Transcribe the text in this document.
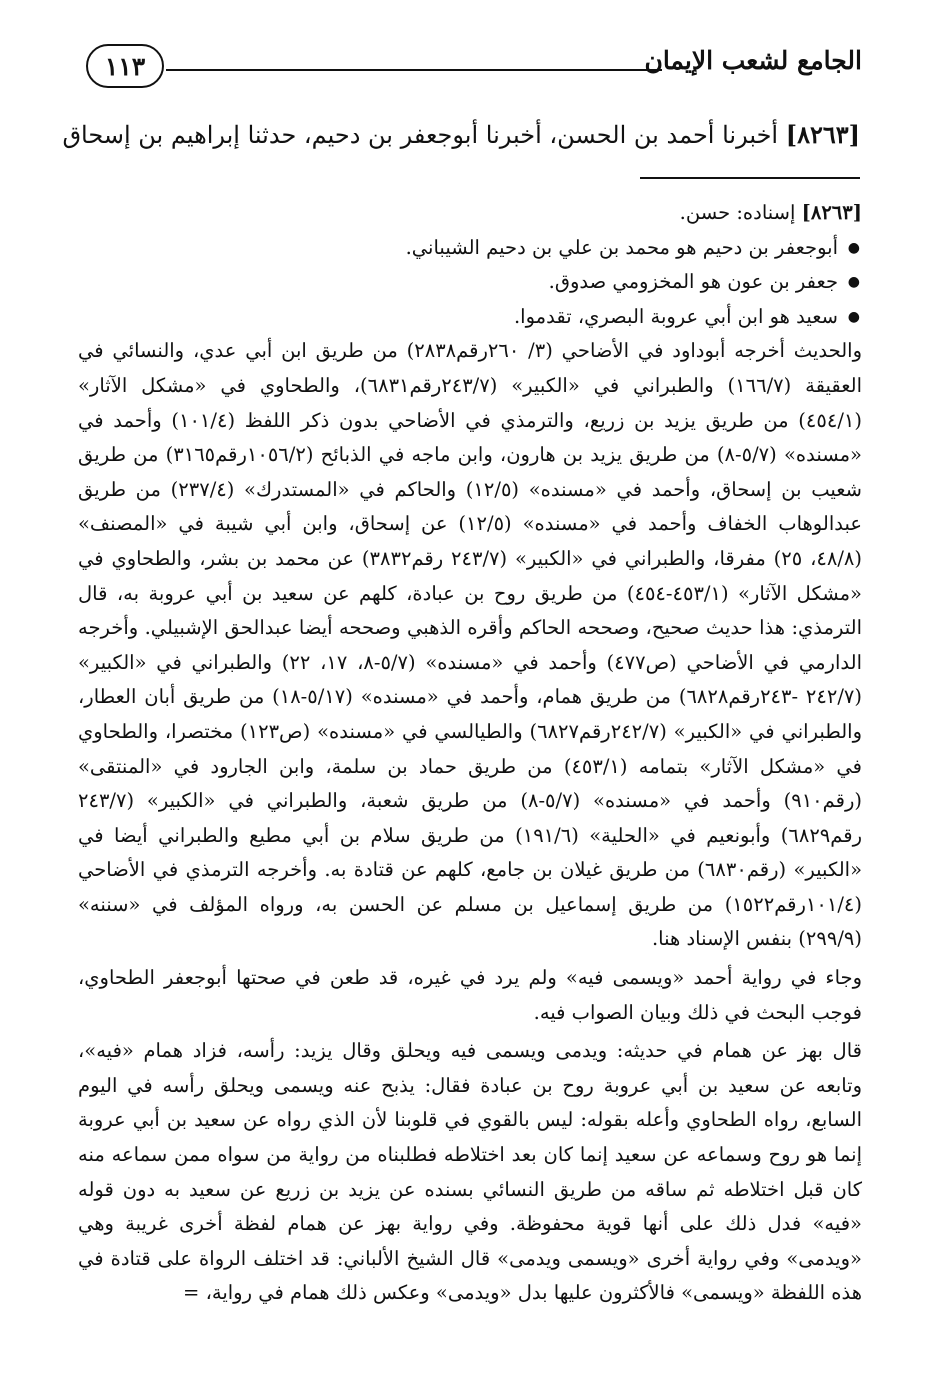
الجامع لشعب الإيمان
١١٣
[٨٢٦٣] أخبرنا أحمد بن الحسن، أخبرنا أبوجعفر بن دحيم، حدثنا إبراهيم بن إسحاق

[٨٢٦٣] إسناده: حسن.

● أبوجعفر بن دحيم هو محمد بن علي بن دحيم الشيباني.
● جعفر بن عون هو المخزومي صدوق.
● سعيد هو ابن أبي عروبة البصري، تقدموا.

والحديث أخرجه أبوداود في الأضاحي (٣/ ٢٦٠رقم٢٨٣٨) من طريق ابن أبي عدي، والنسائي في العقيقة (١٦٦/٧) والطبراني في «الكبير» (٢٤٣/٧رقم٦٨٣١)، والطحاوي في «مشكل الآثار» (٤٥٤/١) من طريق يزيد بن زريع، والترمذي في الأضاحي بدون ذكر اللفظ (١٠١/٤) وأحمد في «مسنده» (٥/٧-٨) من طريق يزيد بن هارون، وابن ماجه في الذبائح (١٠٥٦/٢رقم٣١٦٥) من طريق شعيب بن إسحاق، وأحمد في «مسنده» (١٢/٥) والحاكم في «المستدرك» (٢٣٧/٤) من طريق عبدالوهاب الخفاف وأحمد في «مسنده» (١٢/٥) عن إسحاق، وابن أبي شيبة في «المصنف» (٤٨/٨، ٢٥) مفرقا، والطبراني في «الكبير» (٢٤٣/٧ رقم٣٨٣٢) عن محمد بن بشر، والطحاوي في «مشكل الآثار» (٤٥٣/١-٤٥٤) من طريق روح بن عبادة، كلهم عن سعيد بن أبي عروبة به، قال الترمذي: هذا حديث صحيح، وصححه الحاكم وأقره الذهبي وصححه أيضا عبدالحق الإشبيلي. وأخرجه الدارمي في الأضاحي (ص٤٧٧) وأحمد في «مسنده» (٥/٧-٨، ١٧، ٢٢) والطبراني في «الكبير» (٢٤٢/٧ -٢٤٣رقم٦٨٢٨) من طريق همام، وأحمد في «مسنده» (٥/١٧-١٨) من طريق أبان العطار، والطبراني في «الكبير» (٢٤٢/٧رقم٦٨٢٧) والطيالسي في «مسنده» (ص١٢٣) مختصرا، والطحاوي في «مشكل الآثار» بتمامه (٤٥٣/١) من طريق حماد بن سلمة، وابن الجارود في «المنتقى» (رقم٩١٠) وأحمد في «مسنده» (٥/٧-٨) من طريق شعبة، والطبراني في «الكبير» (٢٤٣/٧ رقم٦٨٢٩) وأبونعيم في «الحلية» (١٩١/٦) من طريق سلام بن أبي مطيع والطبراني أيضا في «الكبير» (رقم٦٨٣٠) من طريق غيلان بن جامع، كلهم عن قتادة به. وأخرجه الترمذي في الأضاحي (١٠١/٤رقم١٥٢٢) من طريق إسماعيل بن مسلم عن الحسن به، ورواه المؤلف في «سننه» (٢٩٩/٩) بنفس الإسناد هنا.

وجاء في رواية أحمد «ويسمى فيه» ولم يرد في غيره، قد طعن في صحتها أبوجعفر الطحاوي، فوجب البحث في ذلك وبيان الصواب فيه.

قال بهز عن همام في حديثه: ويدمى ويسمى فيه ويحلق وقال يزيد: رأسه، فزاد همام «فيه»، وتابعه عن سعيد بن أبي عروبة روح بن عبادة فقال: يذبح عنه ويسمى ويحلق رأسه في اليوم السابع، رواه الطحاوي وأعله بقوله: ليس بالقوي في قلوبنا لأن الذي رواه عن سعيد بن أبي عروبة إنما هو روح وسماعه عن سعيد إنما كان بعد اختلاطه فطلبناه من رواية من سواه ممن سماعه منه كان قبل اختلاطه ثم ساقه من طريق النسائي بسنده عن يزيد بن زريع عن سعيد به دون قوله «فيه» فدل ذلك على أنها قوية محفوظة. وفي رواية بهز عن همام لفظة أخرى غريبة وهي «ويدمى» وفي رواية أخرى «ويسمى ويدمى» قال الشيخ الألباني: قد اختلف الرواة على قتادة في هذه اللفظة «ويسمى» فالأكثرون عليها بدل «ويدمى» وعكس ذلك همام في رواية، =
